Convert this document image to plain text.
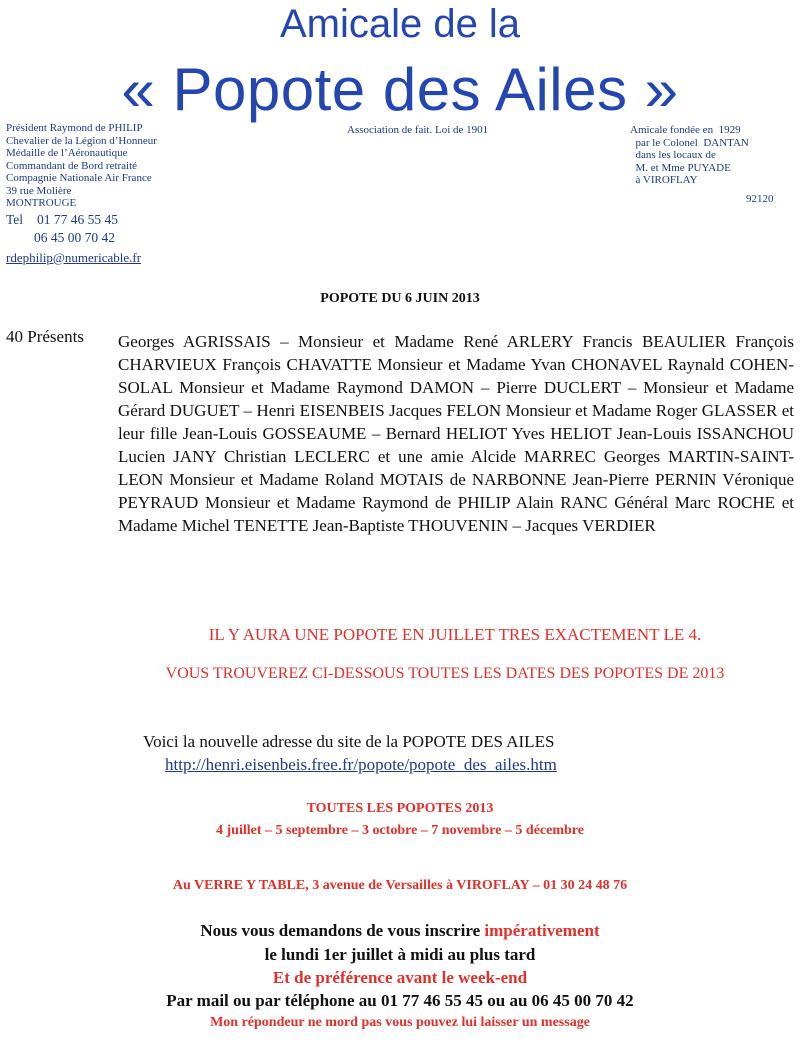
Amicale de la
« Popote des Ailes »
Président Raymond de PHILIP
Chevalier de la Légion d’Honneur
Médaille de l’Aéronautique
Commandant de Bord retraité
Compagnie Nationale Air France
39 rue Molière
MONTROUGE
Tel 01 77 46 55 45
06 45 00 70 42
rdephilip@numericable.fr
Association de fait. Loi de 1901	Amicale fondée en  1929
par le Colonel  DANTAN
dans les locaux de
M. et Mme PUYADE
à VIROFLAY
92120
POPOTE DU 6 JUIN 2013
40 Présents Georges AGRISSAIS – Monsieur et Madame René ARLERY Francis BEAULIER François CHARVIEUX François CHAVATTE Monsieur et Madame Yvan CHONAVEL Raynald COHEN-SOLAL Monsieur et Madame Raymond DAMON – Pierre DUCLERT – Monsieur et Madame Gérard DUGUET – Henri EISENBEIS Jacques FELON Monsieur et Madame Roger GLASSER et leur fille Jean-Louis GOSSEAUME – Bernard HELIOT Yves HELIOT Jean-Louis ISSANCHOU Lucien JANY Christian LECLERC et une amie Alcide MARREC Georges MARTIN-SAINT-LEON Monsieur et Madame Roland MOTAIS de NARBONNE Jean-Pierre PERNIN Véronique PEYRAUD Monsieur et Madame Raymond de PHILIP Alain RANC Général Marc ROCHE et Madame Michel TENETTE Jean-Baptiste THOUVENIN – Jacques VERDIER
IL Y AURA UNE POPOTE EN JUILLET TRES EXACTEMENT LE 4.
VOUS TROUVEREZ CI-DESSOUS TOUTES LES DATES DES POPOTES DE 2013
Voici la nouvelle adresse du site de la POPOTE DES AILES
http://henri.eisenbeis.free.fr/popote/popote_des_ailes.htm
TOUTES LES POPOTES 2013
4 juillet – 5 septembre – 3 octobre – 7 novembre – 5 décembre
Au VERRE Y TABLE, 3 avenue de Versailles à VIROFLAY – 01 30 24 48 76
Nous vous demandons de vous inscrire impérativement
le lundi 1er juillet à midi au plus tard
Et de préférence avant le week-end
Par mail ou par téléphone au 01 77 46 55 45 ou au 06 45 00 70 42
Mon répondeur ne mord pas vous pouvez lui laisser un message
